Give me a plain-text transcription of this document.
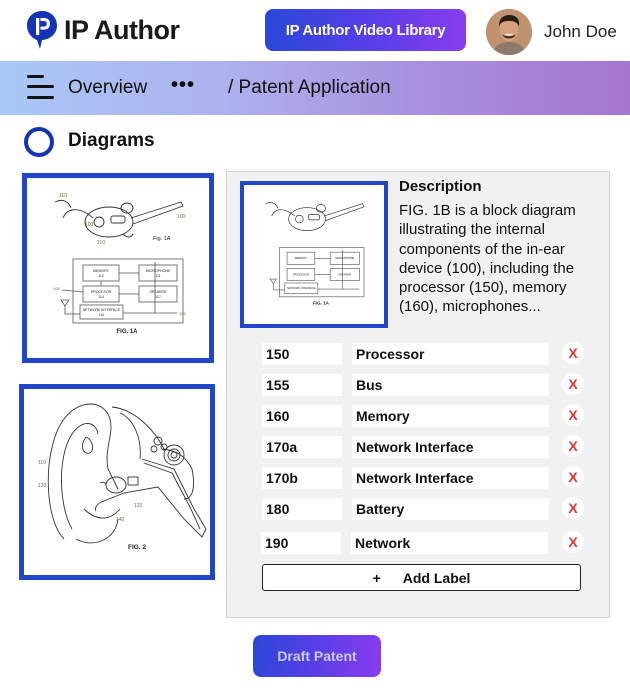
IP Author	IP Author Video Library	John Doe
Overview ••• / Patent Application
Diagrams
110
100
100
110
Fig. 1A
MEMORY
112
MICROPHONE
111
PROCESOR
114
SPEAKER
117
NETWORK INTERFACE
116
105
105
FIG. 1A
110
130
120
140
FIG. 2
MEMORY	MICROPHONE
PROCESOR	SPEAKER
NETWORK INTERFACE
FIG. 1A
Description
FIG. 1B is a block diagram illustrating the internal components of the in-ear device (100), including the processor (150), memory (160), microphones...
150
Processor
X
155
Bus
X
160
Memory
X
170a
Network Interface
X
170b
Network Interface
X
180
Battery
X
190
Network
X
+ Add Label
Draft Patent
